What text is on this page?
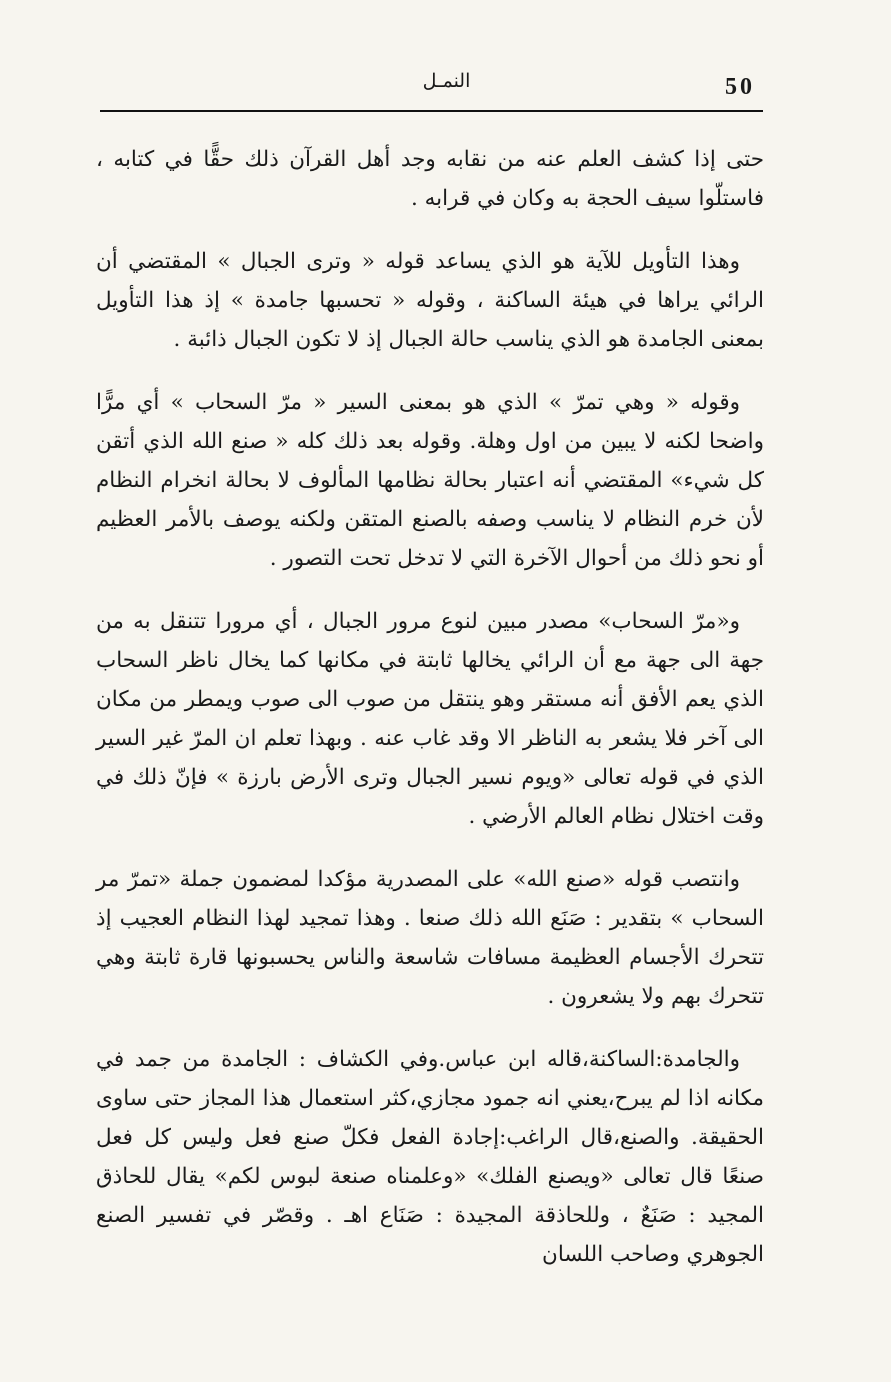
النمـل	50

حتى إذا كشف العلم عنه من نقابه وجد أهل القرآن ذلك حقًّا في كتابه ، فاستلّوا سيف الحجة به وكان في قرابه .

وهذا التأويل للآية هو الذي يساعد قوله « وترى الجبال » المقتضي أن الرائي يراها في هيئة الساكنة ، وقوله « تحسبها جامدة » إذ هذا التأويل بمعنى الجامدة هو الذي يناسب حالة الجبال إذ لا تكون الجبال ذائبة .

وقوله « وهي تمرّ » الذي هو بمعنى السير « مرّ السحاب » أي مرًّا واضحا لكنه لا يبين من اول وهلة. وقوله بعد ذلك كله « صنع الله الذي أتقن كل شيء» المقتضي أنه اعتبار بحالة نظامها المألوف لا بحالة انخرام النظام لأن خرم النظام لا يناسب وصفه بالصنع المتقن ولكنه يوصف بالأمر العظيم أو نحو ذلك من أحوال الآخرة التي لا تدخل تحت التصور .

و«مرّ السحاب» مصدر مبين لنوع مرور الجبال ، أي مرورا تتنقل به من جهة الى جهة مع أن الرائي يخالها ثابتة في مكانها كما يخال ناظر السحاب الذي يعم الأفق أنه مستقر وهو ينتقل من صوب الى صوب ويمطر من مكان الى آخر فلا يشعر به الناظر الا وقد غاب عنه . وبهذا تعلم ان المرّ غير السير الذي في قوله تعالى «ويوم نسير الجبال وترى الأرض بارزة » فإنّ ذلك في وقت اختلال نظام العالم الأرضي .

وانتصب قوله «صنع الله» على المصدرية مؤكدا لمضمون جملة «تمرّ مر السحاب » بتقدير : صَنَع الله ذلك صنعا . وهذا تمجيد لهذا النظام العجيب إذ تتحرك الأجسام العظيمة مسافات شاسعة والناس يحسبونها قارة ثابتة وهي تتحرك بهم ولا يشعرون .

والجامدة:الساكنة،قاله ابن عباس.وفي الكشاف : الجامدة من جمد في مكانه اذا لم يبرح،يعني انه جمود مجازي،كثر استعمال هذا المجاز حتى ساوى الحقيقة. والصنع،قال الراغب:إجادة الفعل فكلّ صنع فعل وليس كل فعل صنعًا قال تعالى «ويصنع الفلك» «وعلمناه صنعة لبوس لكم» يقال للحاذق المجيد : صَنَعٌ ، وللحاذقة المجيدة : صَنَاع اهـ . وقصّر في تفسير الصنع الجوهري وصاحب اللسان
